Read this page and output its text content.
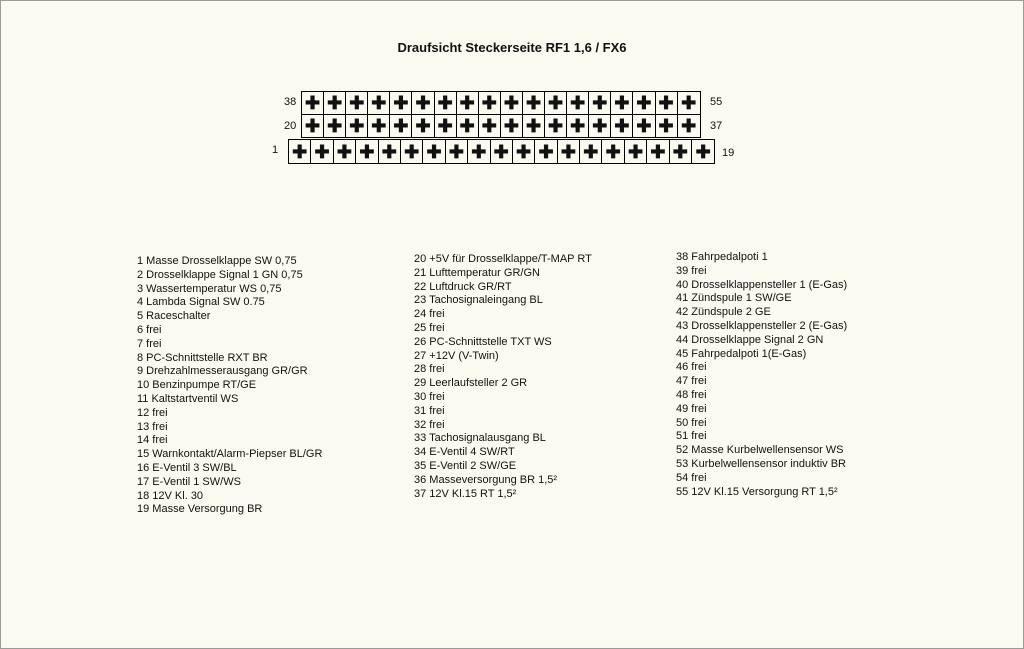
Draufsicht Steckerseite RF1 1,6 / FX6
38	55
20	37
1	19
✚ ✚ ✚ ✚ ✚ ✚ ✚ ✚ ✚ ✚ ✚ ✚ ✚ ✚ ✚ ✚ ✚ ✚
✚ ✚ ✚ ✚ ✚ ✚ ✚ ✚ ✚ ✚ ✚ ✚ ✚ ✚ ✚ ✚ ✚ ✚
✚ ✚ ✚ ✚ ✚ ✚ ✚ ✚ ✚ ✚ ✚ ✚ ✚ ✚ ✚ ✚ ✚ ✚ ✚
1 Masse Drosselklappe SW 0,75
2 Drosselklappe Signal 1 GN 0,75
3 Wassertemperatur WS 0,75
4 Lambda Signal SW 0.75
5 Raceschalter
6 frei
7 frei
8 PC-Schnittstelle RXT BR
9 Drehzahlmesserausgang GR/GR
10 Benzinpumpe RT/GE
11 Kaltstartventil WS
12 frei
13 frei
14 frei
15 Warnkontakt/Alarm-Piepser BL/GR
16 E-Ventil 3 SW/BL
17 E-Ventil 1 SW/WS
18 12V Kl. 30
19 Masse Versorgung BR
20 +5V für Drosselklappe/T-MAP RT
21 Lufttemperatur GR/GN
22 Luftdruck GR/RT
23 Tachosignaleingang BL
24 frei
25 frei
26 PC-Schnittstelle TXT WS
27 +12V (V-Twin)
28 frei
29 Leerlaufsteller 2 GR
30 frei
31 frei
32 frei
33 Tachosignalausgang BL
34 E-Ventil 4 SW/RT
35 E-Ventil 2 SW/GE
36 Masseversorgung BR 1,5²
37 12V Kl.15 RT 1,5²
38 Fahrpedalpoti 1
39 frei
40 Drosselklappensteller 1 (E-Gas)
41 Zündspule 1 SW/GE
42 Zündspule 2 GE
43 Drosselklappensteller 2 (E-Gas)
44 Drosselklappe Signal 2 GN
45 Fahrpedalpoti 1(E-Gas)
46 frei
47 frei
48 frei
49 frei
50 frei
51 frei
52 Masse Kurbelwellensensor WS
53 Kurbelwellensensor induktiv BR
54 frei
55 12V Kl.15 Versorgung RT 1,5²
